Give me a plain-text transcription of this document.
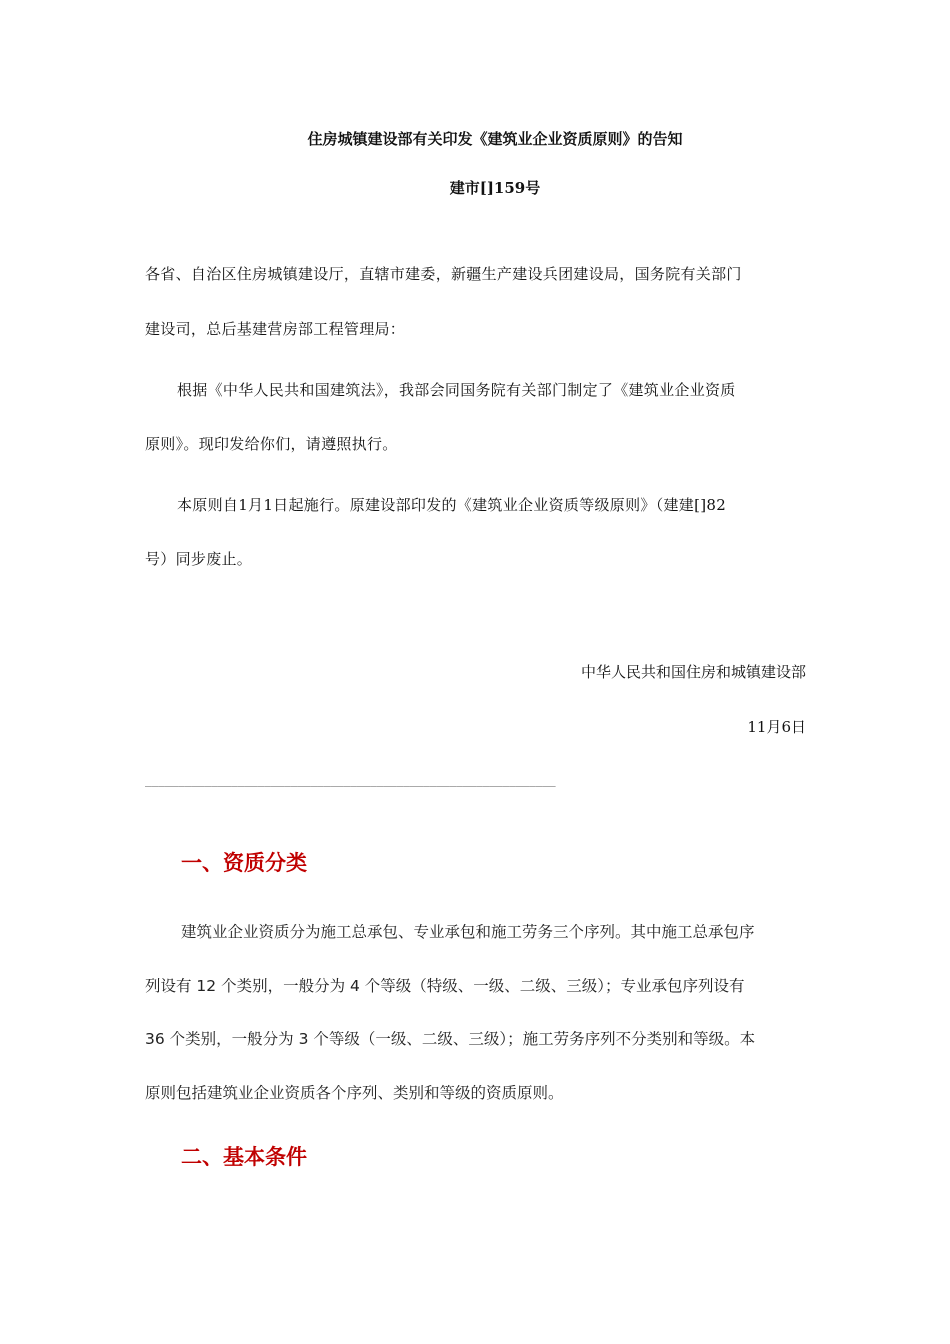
住房城镇建设部有关印发《建筑业企业资质原则》的告知
建市[]159号
各省、自治区住房城镇建设厅，直辖市建委，新疆生产建设兵团建设局，国务院有关部门
建设司，总后基建营房部工程管理局：
根据《中华人民共和国建筑法》，我部会同国务院有关部门制定了《建筑业企业资质
原则》。现印发给你们，请遵照执行。
本原则自1月1日起施行。原建设部印发的《建筑业企业资质等级原则》（建建[]82
号）同步废止。
中华人民共和国住房和城镇建设部
11月6日
______________________________________________________________
一、资质分类
建筑业企业资质分为施工总承包、专业承包和施工劳务三个序列。其中施工总承包序
列设有 12 个类别，一般分为 4 个等级（特级、一级、二级、三级）；专业承包序列设有
36 个类别，一般分为 3 个等级（一级、二级、三级）；施工劳务序列不分类别和等级。本
原则包括建筑业企业资质各个序列、类别和等级的资质原则。
二、基本条件
